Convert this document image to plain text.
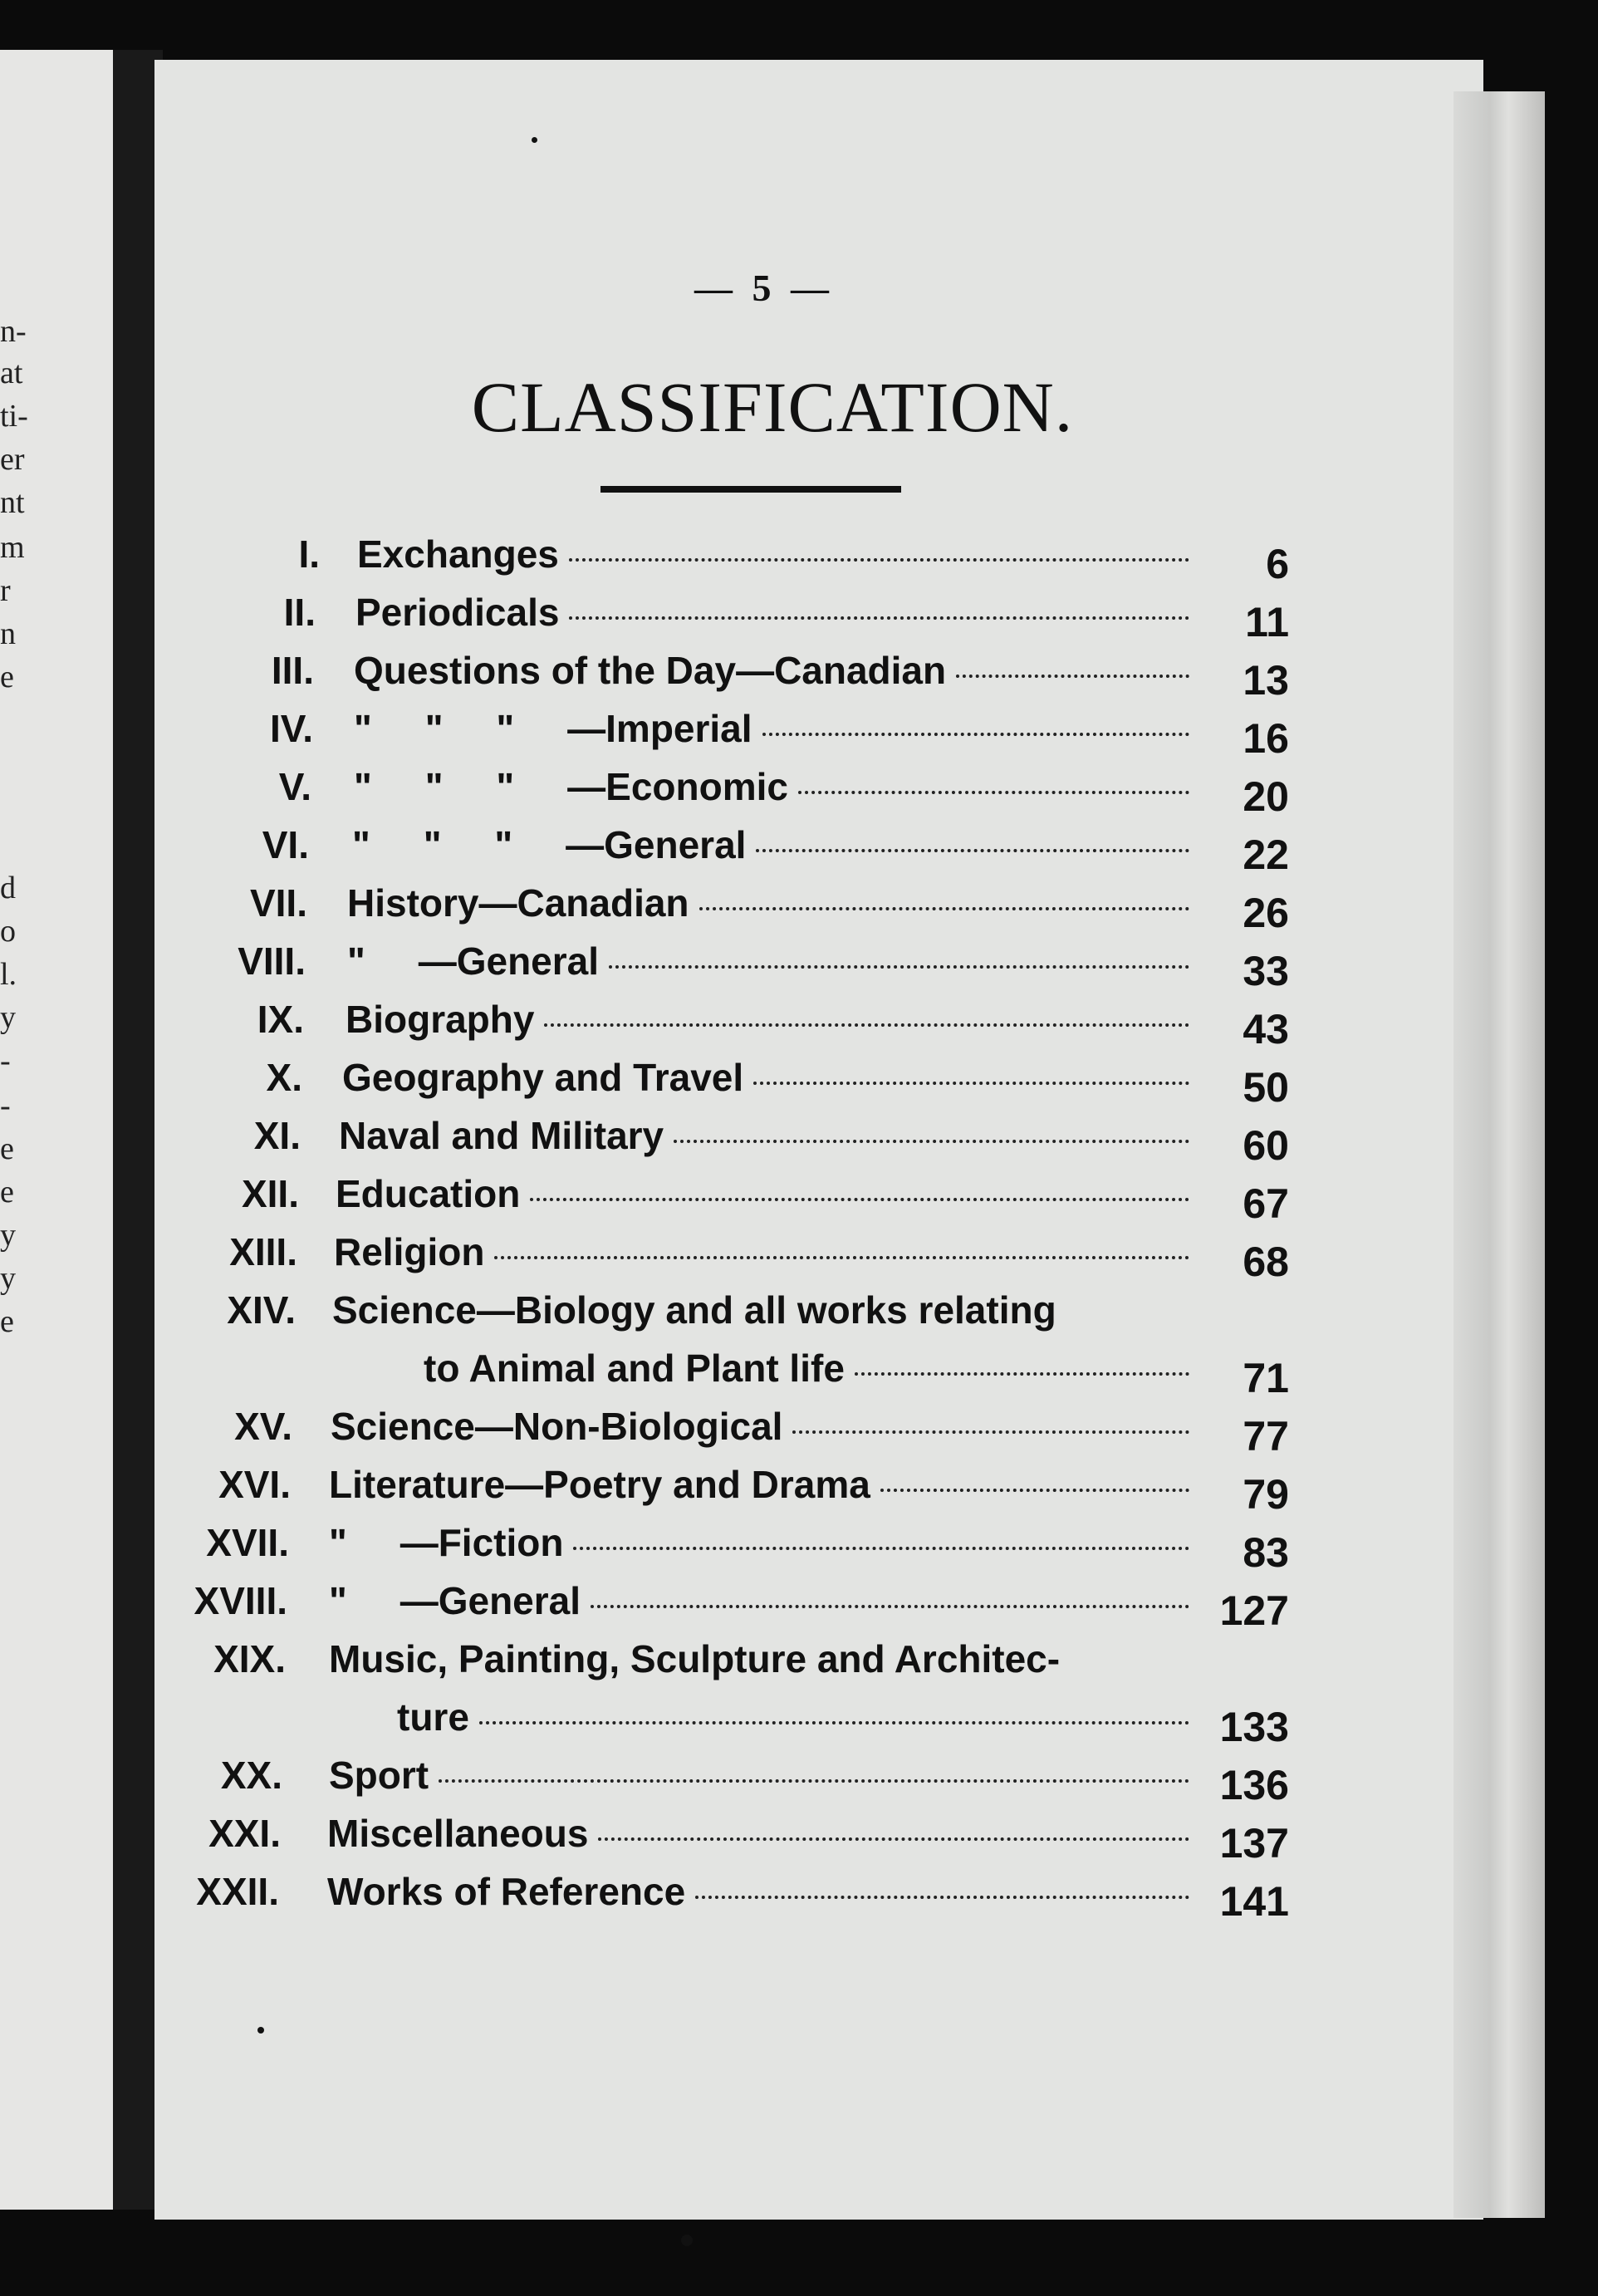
n-
at
ti-
er
nt
m
r
n
e
d
o
l.
y
-
-
e
e
y
y
e
— 5 —
CLASSIFICATION.
I. Exchanges	6
II. Periodicals	11
III. Questions of the Day—Canadian	13
IV. "     "     "     —Imperial	16
V. "     "     "     —Economic	20
VI. "     "     "     —General	22
VII. History—Canadian	26
VIII. "     —General	33
IX. Biography	43
X. Geography and Travel	50
XI. Naval and Military	60
XII. Education	67
XIII. Religion	68
XIV. Science—Biology and all works relating
to Animal and Plant life	71
XV. Science—Non-Biological	77
XVI. Literature—Poetry and Drama	79
XVII. "     —Fiction	83
XVIII. "     —General	127
XIX. Music, Painting, Sculpture and Architec-
ture	133
XX. Sport	136
XXI. Miscellaneous	137
XXII. Works of Reference	141
